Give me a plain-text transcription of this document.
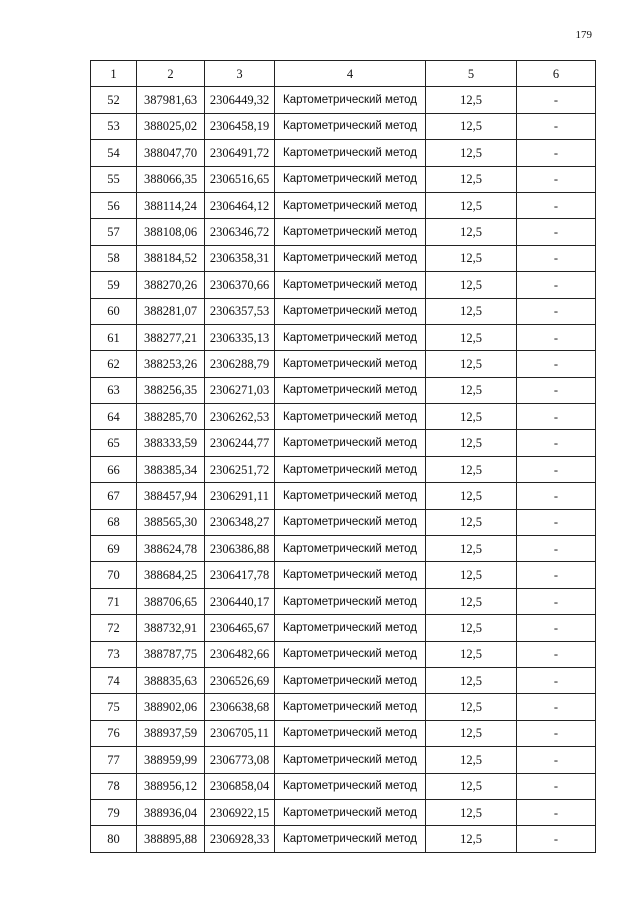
179
1	2	3	4	5	6
52	387981,63	2306449,32	Картометрический метод	12,5	-
53	388025,02	2306458,19	Картометрический метод	12,5	-
54	388047,70	2306491,72	Картометрический метод	12,5	-
55	388066,35	2306516,65	Картометрический метод	12,5	-
56	388114,24	2306464,12	Картометрический метод	12,5	-
57	388108,06	2306346,72	Картометрический метод	12,5	-
58	388184,52	2306358,31	Картометрический метод	12,5	-
59	388270,26	2306370,66	Картометрический метод	12,5	-
60	388281,07	2306357,53	Картометрический метод	12,5	-
61	388277,21	2306335,13	Картометрический метод	12,5	-
62	388253,26	2306288,79	Картометрический метод	12,5	-
63	388256,35	2306271,03	Картометрический метод	12,5	-
64	388285,70	2306262,53	Картометрический метод	12,5	-
65	388333,59	2306244,77	Картометрический метод	12,5	-
66	388385,34	2306251,72	Картометрический метод	12,5	-
67	388457,94	2306291,11	Картометрический метод	12,5	-
68	388565,30	2306348,27	Картометрический метод	12,5	-
69	388624,78	2306386,88	Картометрический метод	12,5	-
70	388684,25	2306417,78	Картометрический метод	12,5	-
71	388706,65	2306440,17	Картометрический метод	12,5	-
72	388732,91	2306465,67	Картометрический метод	12,5	-
73	388787,75	2306482,66	Картометрический метод	12,5	-
74	388835,63	2306526,69	Картометрический метод	12,5	-
75	388902,06	2306638,68	Картометрический метод	12,5	-
76	388937,59	2306705,11	Картометрический метод	12,5	-
77	388959,99	2306773,08	Картометрический метод	12,5	-
78	388956,12	2306858,04	Картометрический метод	12,5	-
79	388936,04	2306922,15	Картометрический метод	12,5	-
80	388895,88	2306928,33	Картометрический метод	12,5	-
